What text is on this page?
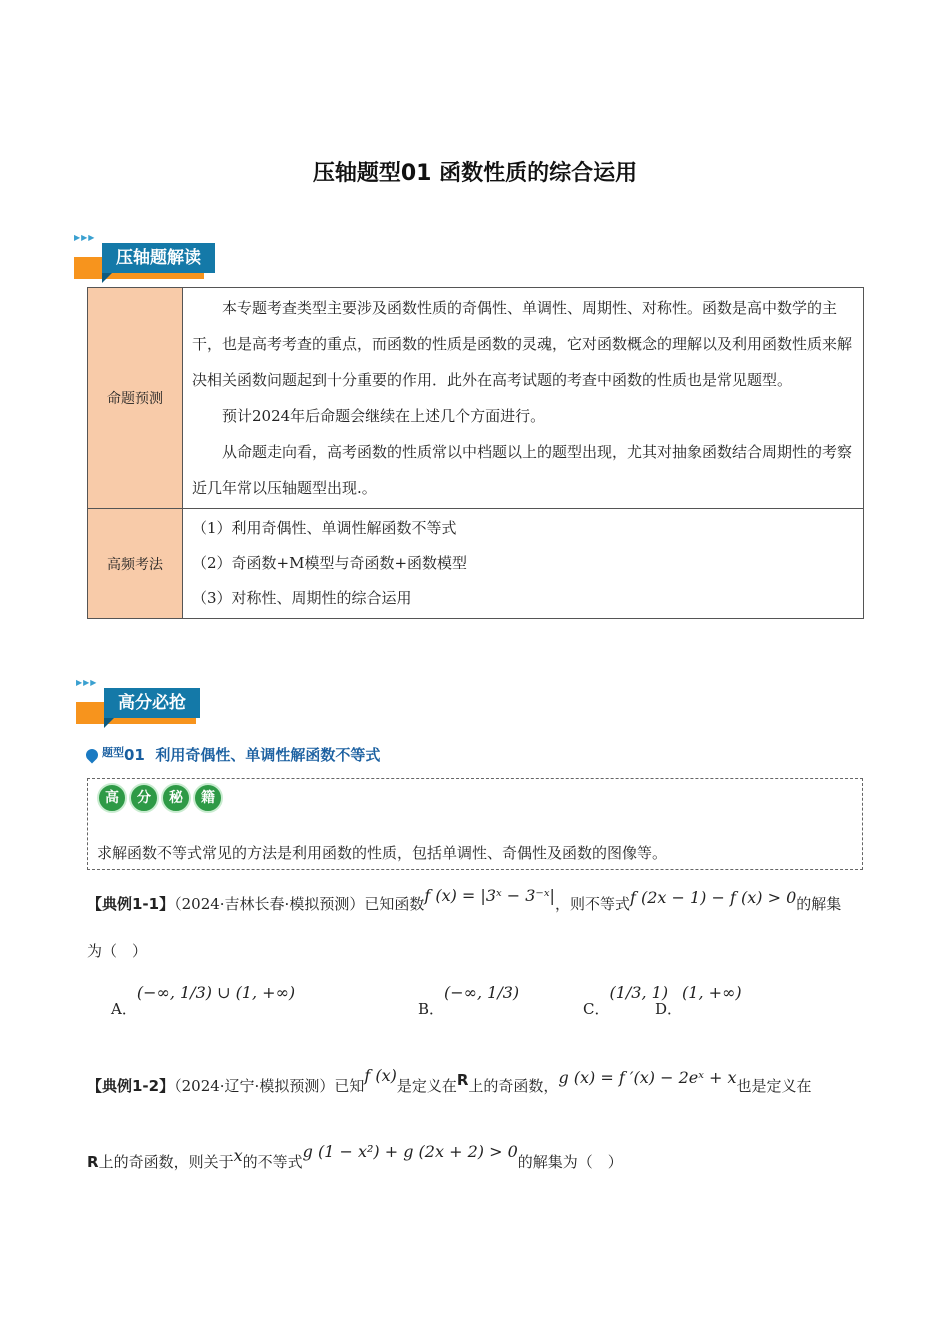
压轴题型01 函数性质的综合运用
▶▶▶
压轴题解读
命题预测	本专题考查类型主要涉及函数性质的奇偶性、单调性、周期性、对称性。函数是高中数学的主干，也是高考考查的重点，而函数的性质是函数的灵魂，它对函数概念的理解以及利用函数性质来解决相关函数问题起到十分重要的作用．此外在高考试题的考查中函数的性质也是常见题型。

预计2024年后命题会继续在上述几个方面进行。

从命题走向看，高考函数的性质常以中档题以上的题型出现，尤其对抽象函数结合周期性的考察近几年常以压轴题型出现.。

高频考法	（1）利用奇偶性、单调性解函数不等式

（2）奇函数+M模型与奇函数+函数模型

（3）对称性、周期性的综合运用

▶▶▶
高分必抢
$^{题型}$01 利用奇偶性、单调性解函数不等式
高	分	秘	籍
求解函数不等式常见的方法是利用函数的性质，包括单调性、奇偶性及函数的图像等。
【典例1-1】（2024·吉林长春·模拟预测）已知函数f (x) = |3ˣ − 3⁻ˣ|，则不等式f (2x − 1) − f (x) > 0的解集
为（　）
A．(−∞, 1/3) ∪ (1, +∞)
B．(−∞, 1/3)
C．(1/3, 1)
D．(1, +∞)
【典例1-2】（2024·辽宁·模拟预测）已知f (x)是定义在R上的奇函数，g (x) = f ′(x) − 2eˣ + x也是定义在
R上的奇函数，则关于x的不等式g (1 − x²) + g (2x + 2) > 0的解集为（　）
